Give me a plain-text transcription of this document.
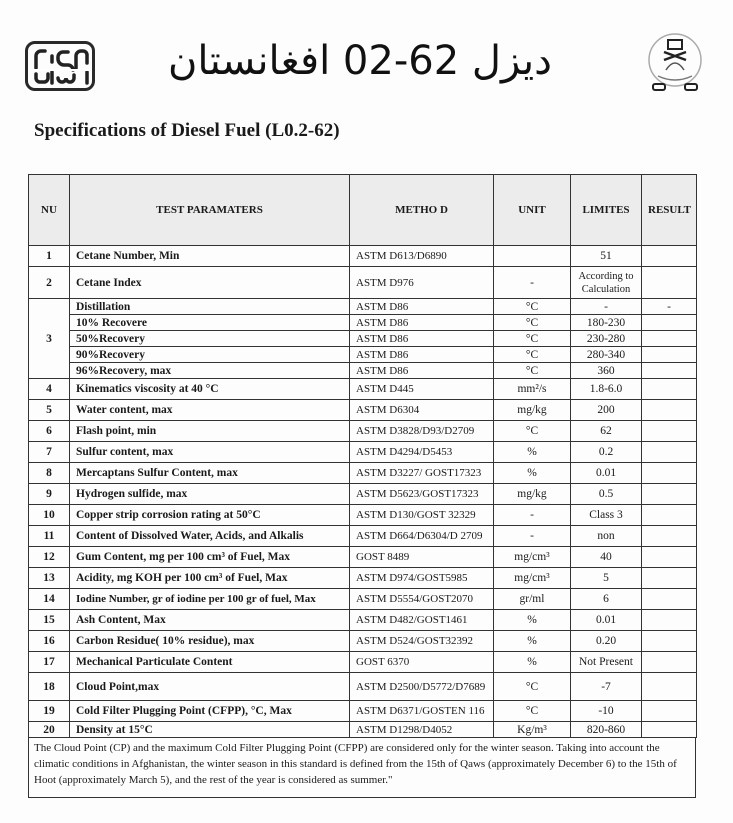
دیزل 62-02 افغانستان
Specifications of Diesel Fuel (L0.2-62)
NU	TEST PARAMATERS	METHO D	UNIT	LIMITES	RESULT
1	Cetane Number, Min	ASTM D613/D6890		51	
2	Cetane Index	ASTM D976	-	According to Calculation	
3	Distillation	ASTM D86	°C	-	-
	10% Recovere	ASTM D86	°C	180-230	
	50%Recovery	ASTM D86	°C	230-280	
	90%Recovery	ASTM D86	°C	280-340	
	96%Recovery, max	ASTM D86	°C	360	
4	Kinematics viscosity at 40 °C	ASTM D445	mm²/s	1.8-6.0	
5	Water content, max	ASTM D6304	mg/kg	200	
6	Flash point, min	ASTM D3828/D93/D2709	°C	62	
7	Sulfur content, max	ASTM D4294/D5453	%	0.2	
8	Mercaptans Sulfur Content, max	ASTM D3227/ GOST17323	%	0.01	
9	Hydrogen sulfide, max	ASTM D5623/GOST17323	mg/kg	0.5	
10	Copper strip corrosion rating at 50°C	ASTM D130/GOST 32329	-	Class 3	
11	Content of Dissolved Water, Acids, and Alkalis	ASTM D664/D6304/D 2709	-	non	
12	Gum Content, mg per 100 cm³ of Fuel, Max	GOST 8489	mg/cm³	40	
13	Acidity, mg KOH per 100 cm³ of Fuel, Max	ASTM D974/GOST5985	mg/cm³	5	
14	Iodine Number, gr of iodine per 100 gr of fuel, Max	ASTM D5554/GOST2070	gr/ml	6	
15	Ash Content, Max	ASTM D482/GOST1461	%	0.01	
16	Carbon Residue( 10% residue), max	ASTM D524/GOST32392	%	0.20	
17	Mechanical Particulate Content	GOST 6370	%	Not Present	
18	Cloud Point,max	ASTM D2500/D5772/D7689	°C	-7	
19	Cold Filter Plugging Point (CFPP), °C, Max	ASTM D6371/GOSTEN 116	°C	-10	
20	Density at 15°C	ASTM D1298/D4052	Kg/m³	820-860	
The Cloud Point (CP) and the maximum Cold Filter Plugging Point (CFPP) are considered only for the winter season. Taking into account the climatic conditions in Afghanistan, the winter season in this standard is defined from the 15th of Qaws (approximately December 6) to the 15th of Hoot (approximately March 5), and the rest of the year is considered as summer."
